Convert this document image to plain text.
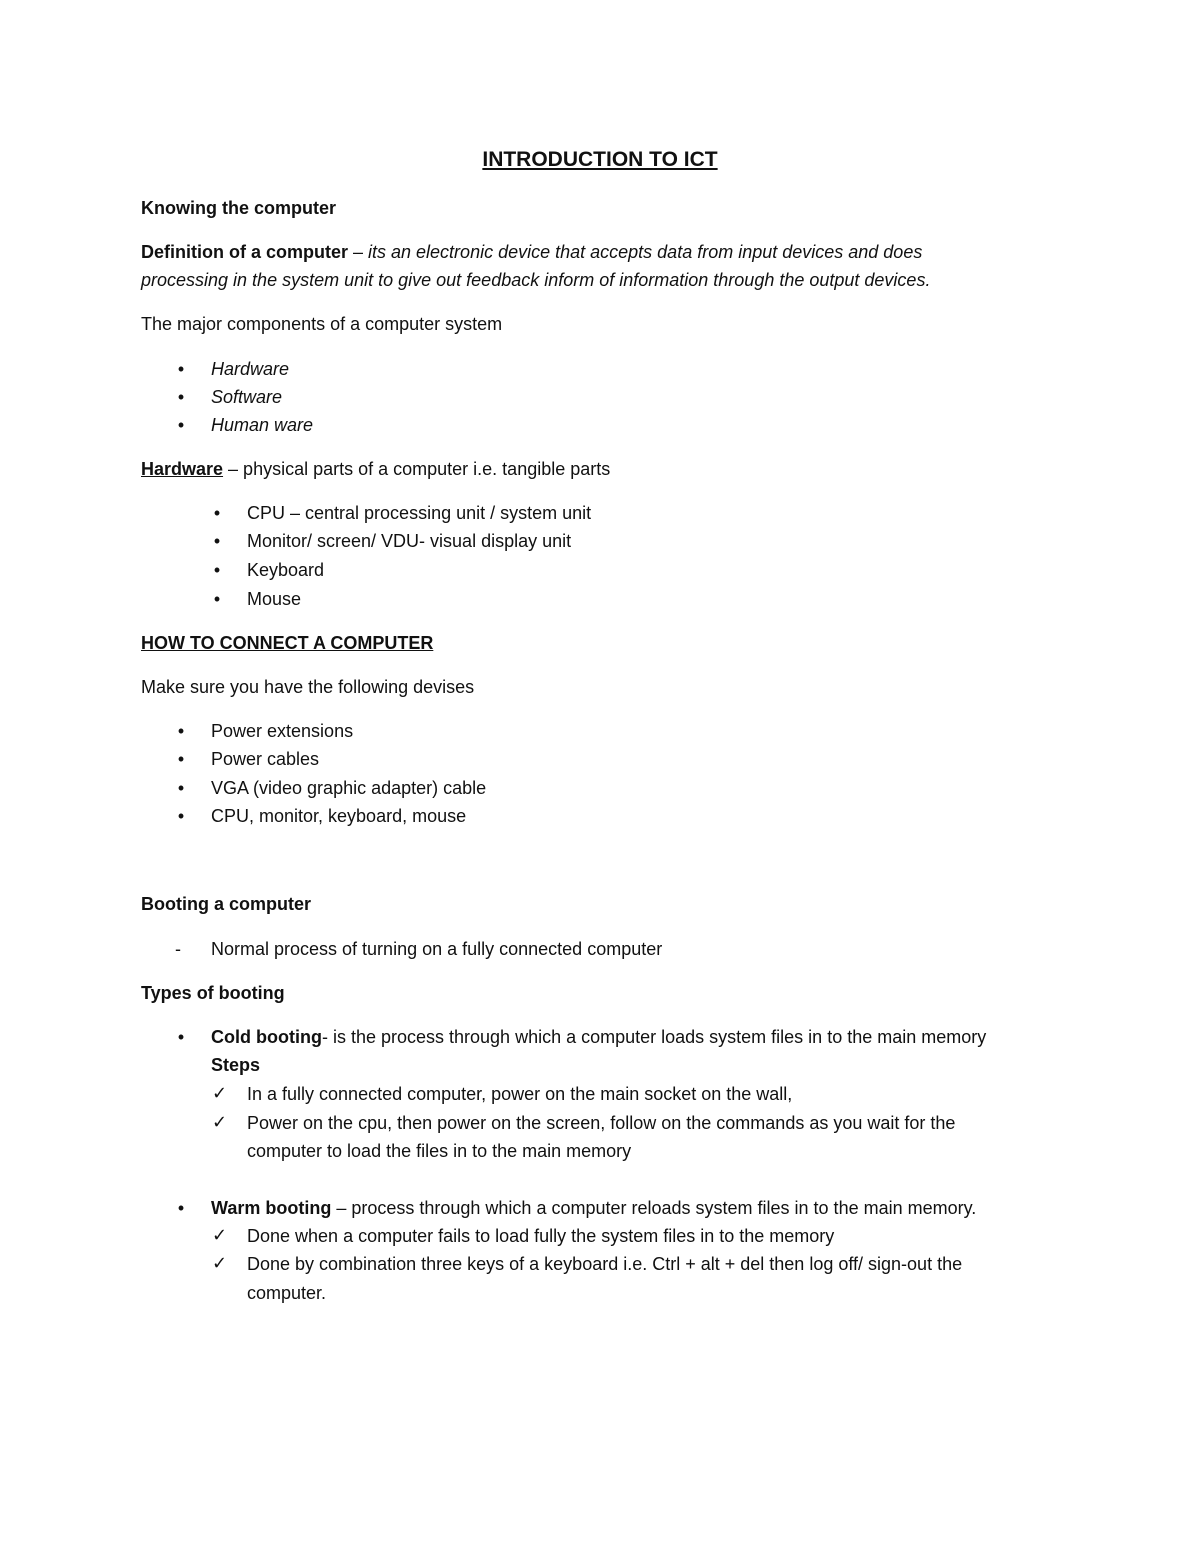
INTRODUCTION TO ICT
Knowing the computer
Definition of a computer – its an electronic device that accepts data from input devices and does
processing in the system unit to give out feedback inform of information through the output devices.
The major components of a computer system
• Hardware
• Software
• Human ware
Hardware – physical parts of a computer i.e. tangible parts
• CPU – central processing unit / system unit
• Monitor/ screen/ VDU- visual display unit
• Keyboard
• Mouse
HOW TO CONNECT A COMPUTER
Make sure you have the following devises
• Power extensions
• Power cables
• VGA (video graphic adapter) cable
• CPU, monitor, keyboard, mouse
Booting a computer
- Normal process of turning on a fully connected computer
Types of booting
• Cold booting- is the process through which a computer loads system files in to the main memory
Steps
✓ In a fully connected computer, power on the main socket on the wall,
✓ Power on the cpu, then power on the screen, follow on the commands as you wait for the
computer to load the files in to the main memory
• Warm booting – process through which a computer reloads system files in to the main memory.
✓ Done when a computer fails to load fully the system files in to the memory
✓ Done by combination three keys of a keyboard i.e. Ctrl + alt + del then log off/ sign-out the
computer.
